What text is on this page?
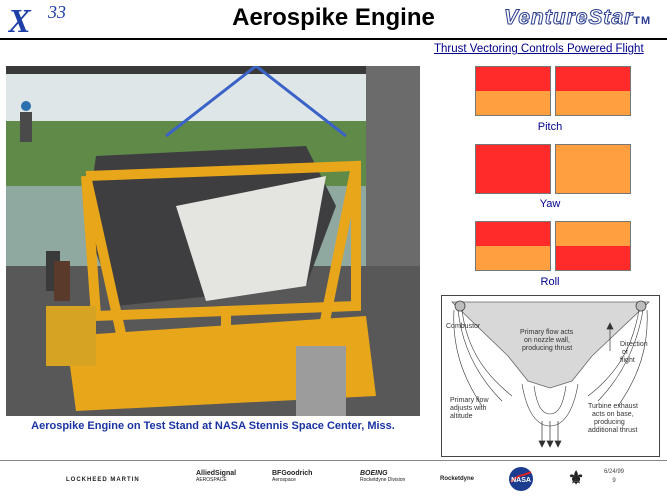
X 33	Aerospike Engine	VentureStarTM
Thrust Vectoring Controls Powered Flight
Aerospike Engine on Test Stand at NASA Stennis Space Center, Miss.
Pitch
Yaw
Roll
Combustor
Primary flow acts
on nozzle wall,
producing thrust
Direction
of
flight
Primary flow
adjusts with
altitude
Turbine exhaust
acts on base,
producing
additional thrust
LOCKHEED MARTIN
AlliedSignal
AEROSPACE
BFGoodrich
Aerospace
BOEING
Rocketdyne Division	Rocketdyne	NASA ⚜	6/24/99
9
